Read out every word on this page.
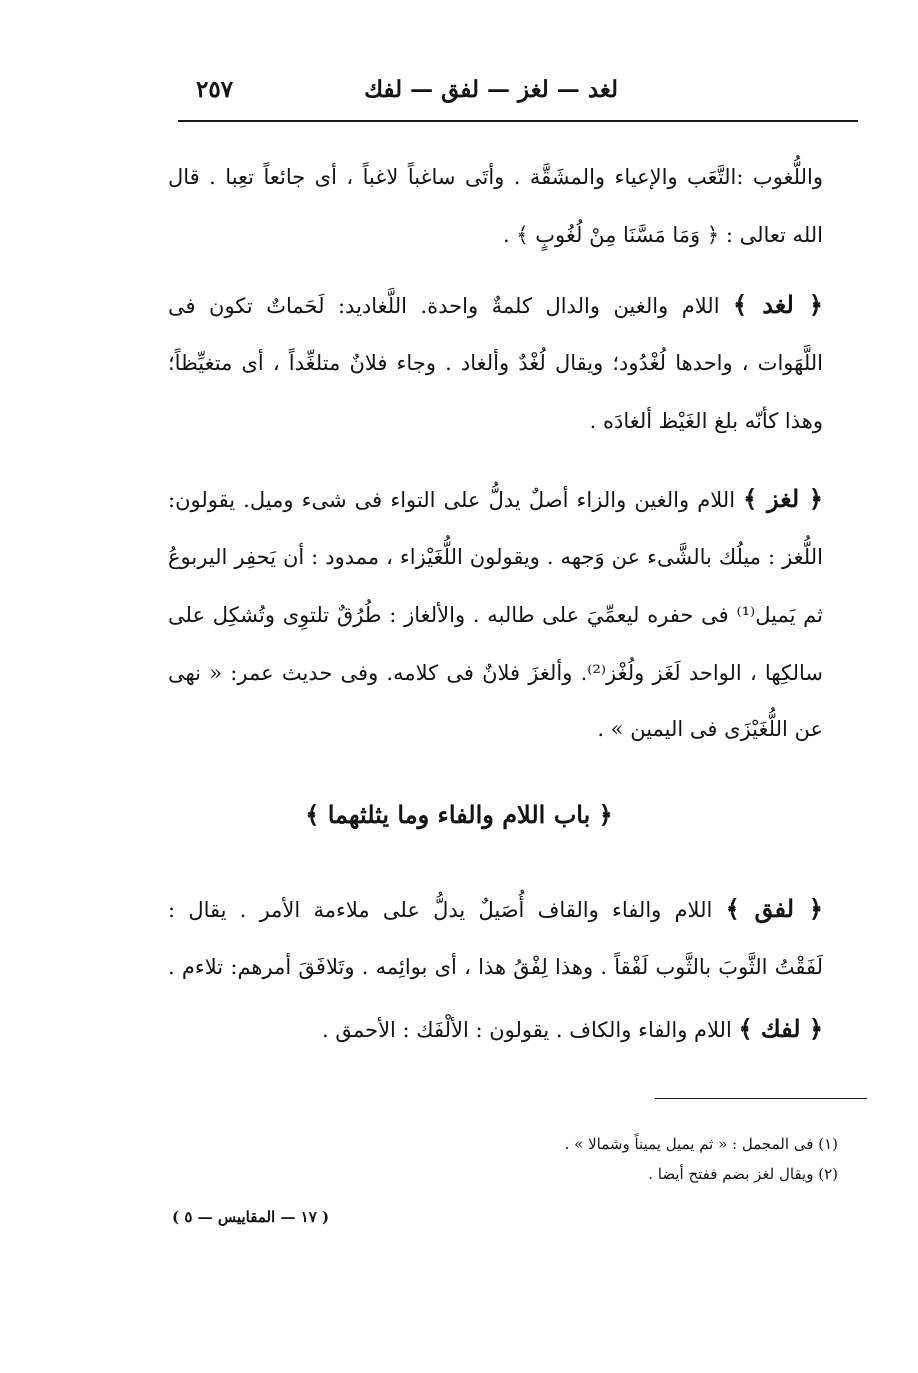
لغد — لغز — لفق — لفك
٢٥٧
واللُّغوب :التَّعَب والإعياء والمشَقَّة . وأتَى ساغباً لاغباً ، أى جائعاً تعِبا . قال
الله تعالى : ﴿ وَمَا مَسَّنَا مِنْ لُغُوبٍ ﴾ .
﴿ لغد ﴾ اللام والغين والدال كلمةٌ واحدة. اللَّغاديد: لَحَماتٌ تكون فى
اللَّهَوات ، واحدها لُغْدُود؛ ويقال لُغْدٌ وألغاد . وجاء فلانٌ متلغِّداً ، أى متغيِّظاً؛
وهذا كأنّه بلغ الغَيْظ ألغادَه .
﴿ لغز ﴾ اللام والغين والزاء أصلٌ يدلُّ على التواء فى شىء وميل. يقولون:
اللُّغز : ميلُك بالشَّىء عن وَجهه . ويقولون اللُّغَيْزاء ، ممدود : أن يَحفِر اليربوعُ
ثم يَميل⁽¹⁾ فى حفره ليعمِّيَ على طالبه . والألغاز : طُرُقٌ تلتوِى وتُشكِل على
سالكِها ، الواحد لَغَز ولُغْز⁽²⁾. وألغزَ فلانٌ فى كلامه. وفى حديث عمر: « نهى
عن اللُّغَيْزَى فى اليمين » .
﴿ باب اللام والفاء وما يثلثهما ﴾
﴿ لفق ﴾ اللام والفاء والقاف أُصَيلٌ يدلُّ على ملاءمة الأمر . يقال :
لَفَقْتُ الثَّوبَ بالثَّوب لَفْقاً . وهذا لِفْقُ هذا ، أى بوائِمه . وتَلافَقَ أمرهم: تلاءم .
﴿ لفك ﴾ اللام والفاء والكاف . يقولون : الألْفَك : الأحمق .
(١) فى المجمل : « ثم يميل يميناً وشمالا » .
(٢) ويقال لغز بضم ففتح أيضا .
( ١٧ — المقاييس — ٥ )
